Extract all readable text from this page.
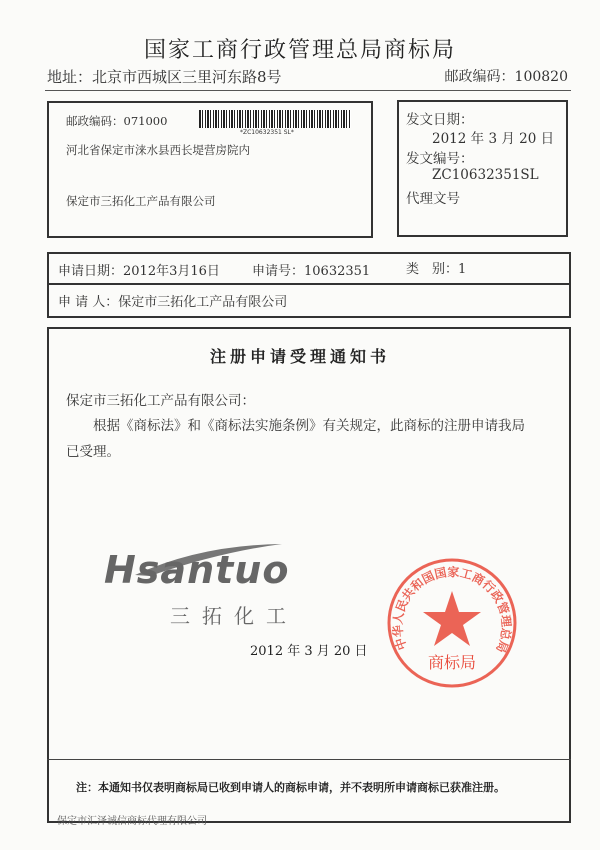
国家工商行政管理总局商标局
地址：北京市西城区三里河东路8号	邮政编码：100820
邮政编码：071000
*ZC10632351 SL*
河北省保定市涞水县西长堤营房院内
保定市三拓化工产品有限公司
发文日期：
2012 年 3 月 20 日
发文编号：
ZC10632351SL
代理文号
申请日期：2012年3月16日 申请号：10632351	类　别：1
申 请 人：保定市三拓化工产品有限公司
注册申请受理通知书
保定市三拓化工产品有限公司：
根据《商标法》和《商标法实施条例》有关规定，此商标的注册申请我局
已受理。
Hsantuo
三拓化工
中华人民共和国国家工商行政管理总局
商标局
2012 年 3 月 20 日
注：本通知书仅表明商标局已收到申请人的商标申请，并不表明所申请商标已获准注册。
保定市汇泽诚信商标代理有限公司
